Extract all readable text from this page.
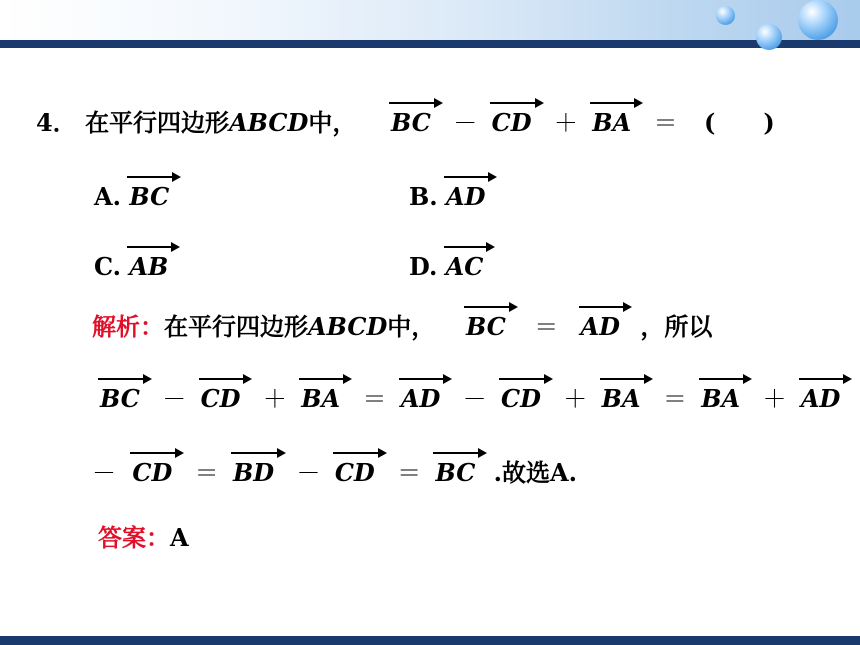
4． 在平行四边形ABCD中， BC － CD ＋ BA ＝ (　　)
A. BC	B. AD
C. AB	D. AC
解析：在平行四边形ABCD中， BC ＝ AD ，所以
BC － CD ＋ BA ＝ AD － CD ＋ BA ＝ BA ＋ AD
－ CD ＝ BD － CD ＝ BC .故选A.
答案：A
